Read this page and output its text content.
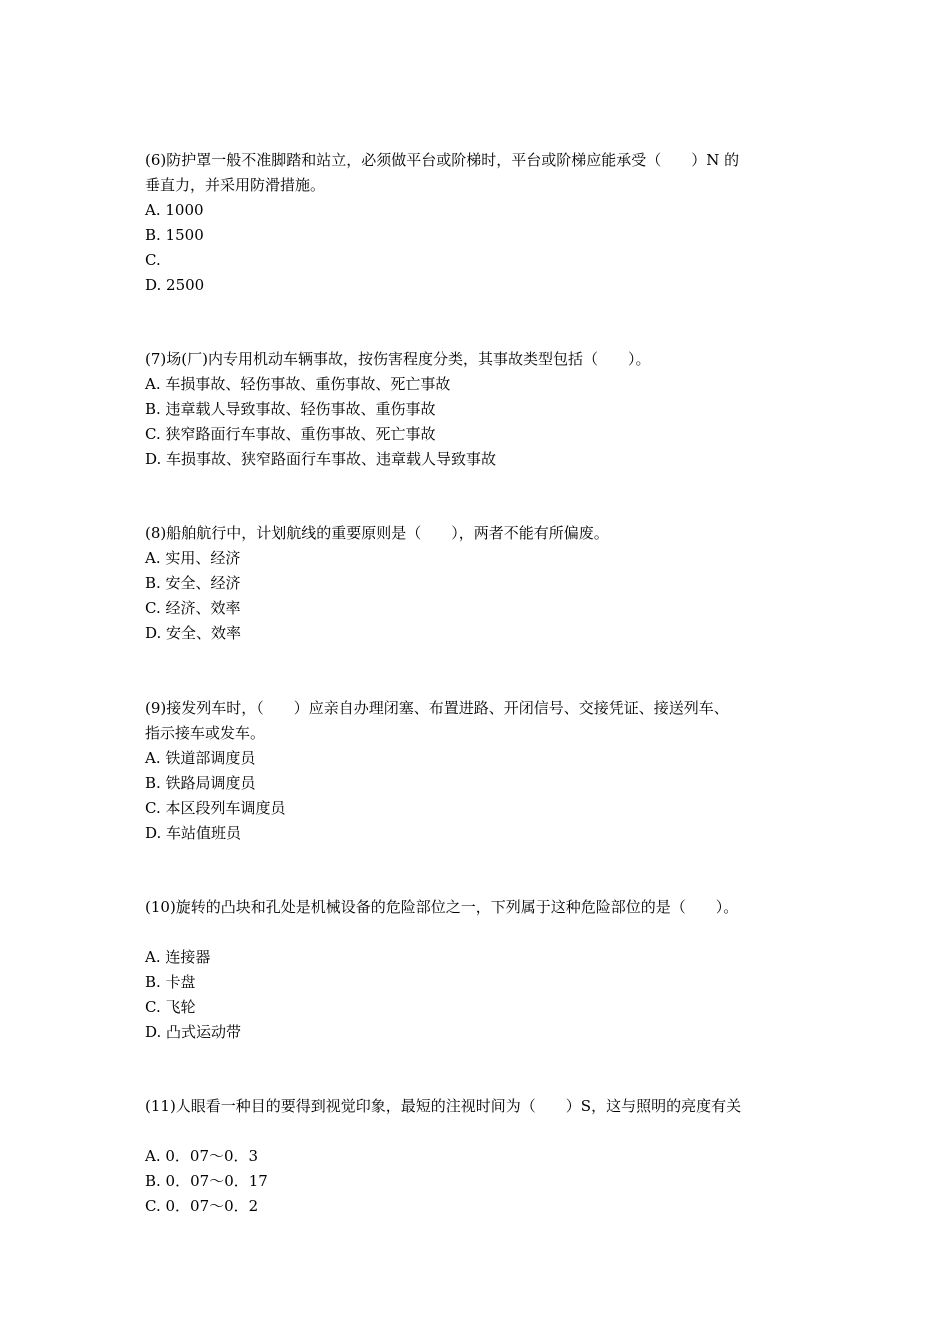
(6)防护罩一般不准脚踏和站立，必须做平台或阶梯时，平台或阶梯应能承受（　　）N 的

垂直力，并采用防滑措施。

A. 1000

B. 1500

C.

D. 2500

(7)场(厂)内专用机动车辆事故，按伤害程度分类，其事故类型包括（　　）。

A. 车损事故、轻伤事故、重伤事故、死亡事故

B. 违章载人导致事故、轻伤事故、重伤事故

C. 狭窄路面行车事故、重伤事故、死亡事故

D. 车损事故、狭窄路面行车事故、违章载人导致事故

(8)船舶航行中，计划航线的重要原则是（　　），两者不能有所偏废。

A. 实用、经济

B. 安全、经济

C. 经济、效率

D. 安全、效率

(9)接发列车时，（　　）应亲自办理闭塞、布置进路、开闭信号、交接凭证、接送列车、

指示接车或发车。

A. 铁道部调度员

B. 铁路局调度员

C. 本区段列车调度员

D. 车站值班员

(10)旋转的凸块和孔处是机械设备的危险部位之一，下列属于这种危险部位的是（　　）。

A. 连接器

B. 卡盘

C. 飞轮

D. 凸式运动带

(11)人眼看一种目的要得到视觉印象，最短的注视时间为（　　）S，这与照明的亮度有关

A. 0．07～0．3

B. 0．07～0．17

C. 0．07～0．2
